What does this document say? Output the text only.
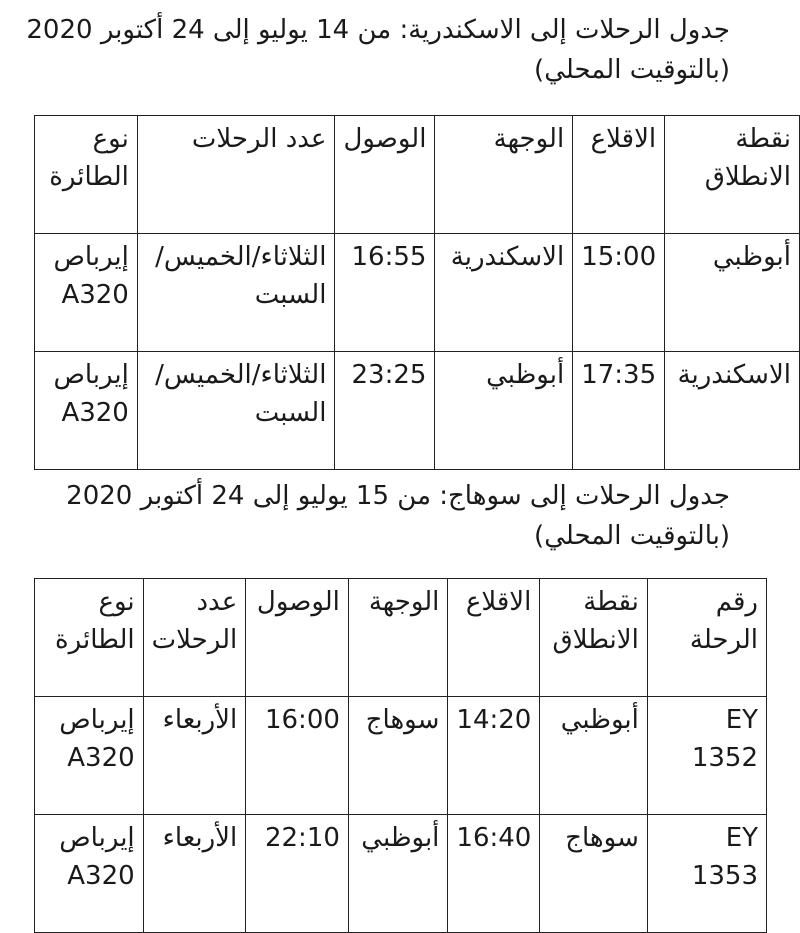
جدول الرحلات إلى الاسكندرية: من 14 يوليو إلى 24 أكتوبر 2020
(بالتوقيت المحلي)
نقطة الانطلاق	الاقلاع	الوجهة	الوصول	عدد الرحلات	نوع الطائرة
أبوظبي	15:00	الاسكندرية	16:55	الثلاثاء/الخميس/السبت	إيرباص A320
الاسكندرية	17:35	أبوظبي	23:25	الثلاثاء/الخميس/السبت	إيرباص A320
جدول الرحلات إلى سوهاج: من 15 يوليو إلى 24 أكتوبر 2020
(بالتوقيت المحلي)
رقم الرحلة	نقطة الانطلاق	الاقلاع	الوجهة	الوصول	عدد الرحلات	نوع الطائرة
EY 1352	أبوظبي	14:20	سوهاج	16:00	الأربعاء	إيرباص A320
EY 1353	سوهاج	16:40	أبوظبي	22:10	الأربعاء	إيرباص A320
